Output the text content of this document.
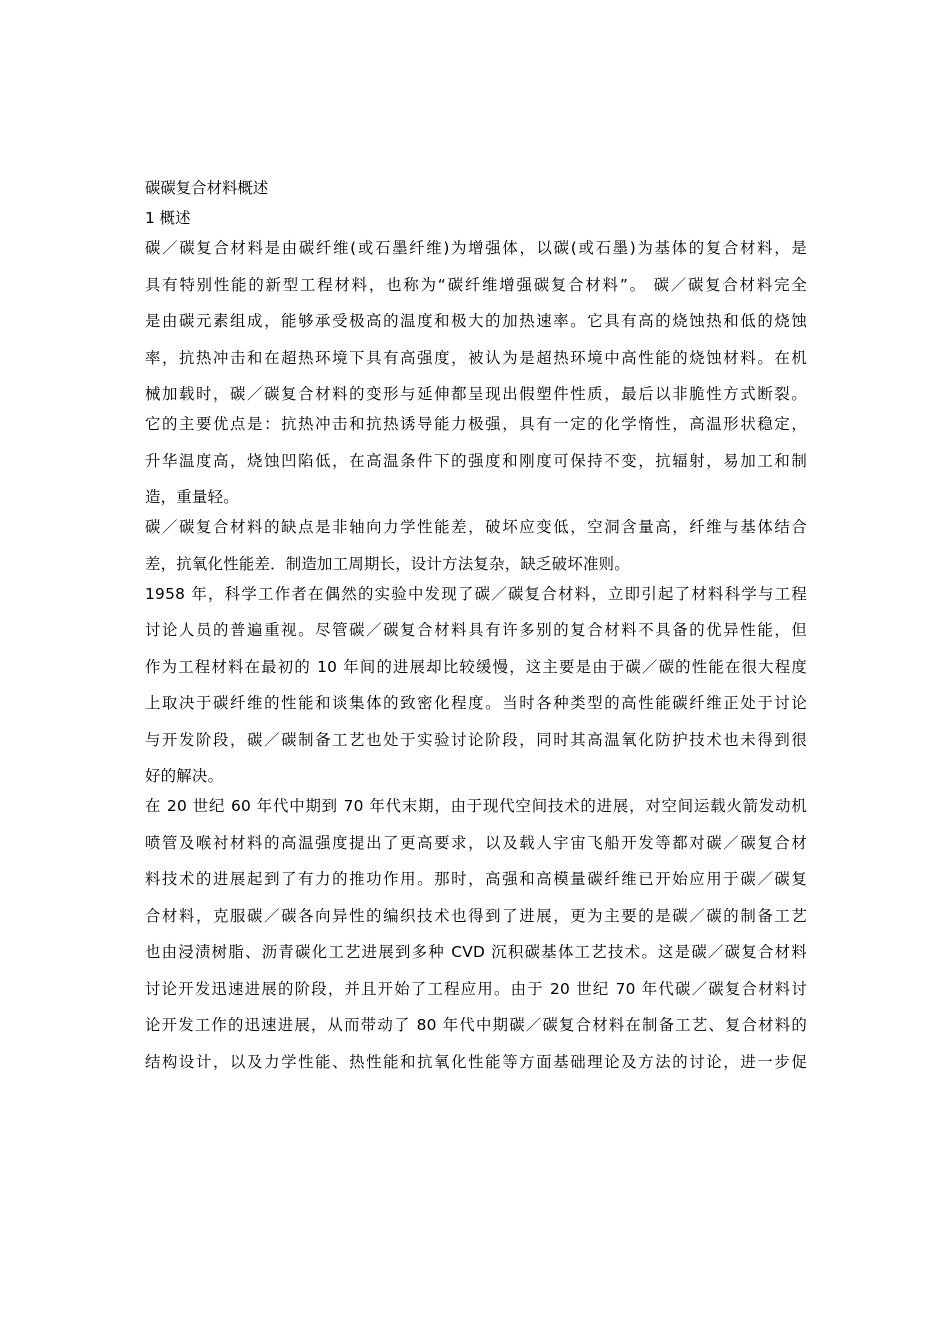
碳碳复合材料概述
1 概述
碳／碳复合材料是由碳纤维(或石墨纤维)为增强体，以碳(或石墨)为基体的复合材料，是
具有特别性能的新型工程材料，也称为“碳纤维增强碳复合材料”。 碳／碳复合材料完全
是由碳元素组成，能够承受极高的温度和极大的加热速率。它具有高的烧蚀热和低的烧蚀
率，抗热冲击和在超热环境下具有高强度，被认为是超热环境中高性能的烧蚀材料。在机
械加载时，碳／碳复合材料的变形与延伸都呈现出假塑件性质，最后以非脆性方式断裂。
它的主要优点是：抗热冲击和抗热诱导能力极强，具有一定的化学惰性，高温形状稳定，
升华温度高，烧蚀凹陷低，在高温条件下的强度和刚度可保持不变，抗辐射，易加工和制
造，重量轻。
碳／碳复合材料的缺点是非轴向力学性能差，破坏应变低，空洞含量高，纤维与基体结合
差，抗氧化性能差．制造加工周期长，设计方法复杂，缺乏破坏准则。
1958 年，科学工作者在偶然的实验中发现了碳／碳复合材料，立即引起了材料科学与工程
讨论人员的普遍重视。尽管碳／碳复合材料具有许多别的复合材料不具备的优异性能，但
作为工程材料在最初的 10 年间的进展却比较缓慢，这主要是由于碳／碳的性能在很大程度
上取决于碳纤维的性能和谈集体的致密化程度。当时各种类型的高性能碳纤维正处于讨论
与开发阶段，碳／碳制备工艺也处于实验讨论阶段，同时其高温氧化防护技术也未得到很
好的解决。
在 20 世纪 60 年代中期到 70 年代末期，由于现代空间技术的进展，对空间运载火箭发动机
喷管及喉衬材料的高温强度提出了更高要求，以及载人宇宙飞船开发等都对碳／碳复合材
料技术的进展起到了有力的推功作用。那时，高强和高模量碳纤维已开始应用于碳／碳复
合材料，克服碳／碳各向异性的编织技术也得到了进展，更为主要的是碳／碳的制备工艺
也由浸渍树脂、沥青碳化工艺进展到多种 CVD 沉积碳基体工艺技术。这是碳／碳复合材料
讨论开发迅速进展的阶段，并且开始了工程应用。由于 20 世纪 70 年代碳／碳复合材料讨
论开发工作的迅速进展，从而带动了 80 年代中期碳／碳复合材料在制备工艺、复合材料的
结构设计，以及力学性能、热性能和抗氧化性能等方面基础理论及方法的讨论，进一步促
